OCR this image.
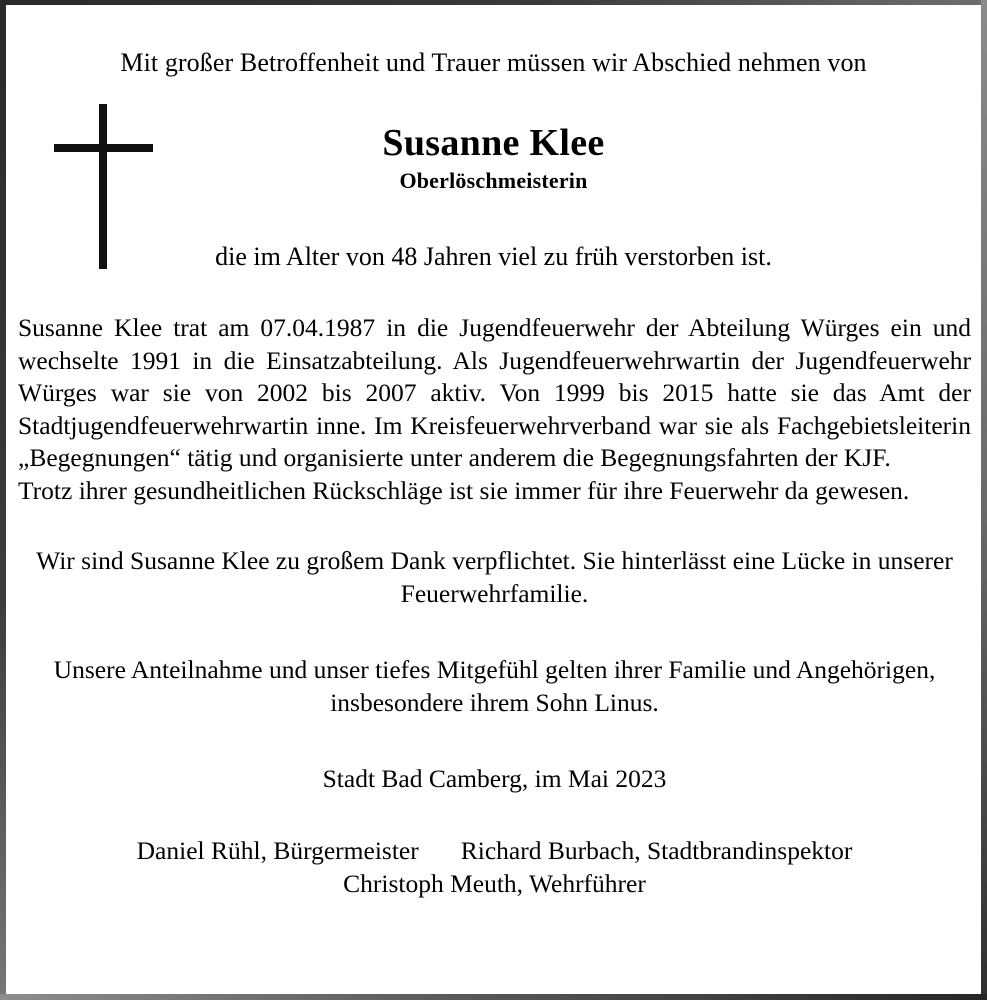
Mit großer Betroffenheit und Trauer müssen wir Abschied nehmen von
Susanne Klee
Oberlöschmeisterin
die im Alter von 48 Jahren viel zu früh verstorben ist.

Susanne Klee trat am 07.04.1987 in die Jugendfeuerwehr der Abteilung Würges ein und wechselte 1991 in die Einsatzabteilung. Als Jugendfeuerwehrwartin der Jugendfeuerwehr Würges war sie von 2002 bis 2007 aktiv. Von 1999 bis 2015 hatte sie das Amt der Stadtjugendfeuerwehrwartin inne. Im Kreisfeuerwehrverband war sie als Fachgebietsleiterin „Begegnungen“ tätig und organisierte unter anderem die Begegnungsfahrten der KJF.

Trotz ihrer gesundheitlichen Rückschläge ist sie immer für ihre Feuerwehr da gewesen.

Wir sind Susanne Klee zu großem Dank verpflichtet. Sie hinterlässt eine Lücke in unserer Feuerwehrfamilie.

Unsere Anteilnahme und unser tiefes Mitgefühl gelten ihrer Familie und Angehörigen, insbesondere ihrem Sohn Linus.

Stadt Bad Camberg, im Mai 2023

Daniel Rühl, Bürgermeister Richard Burbach, Stadtbrandinspektor

Christoph Meuth, Wehrführer
